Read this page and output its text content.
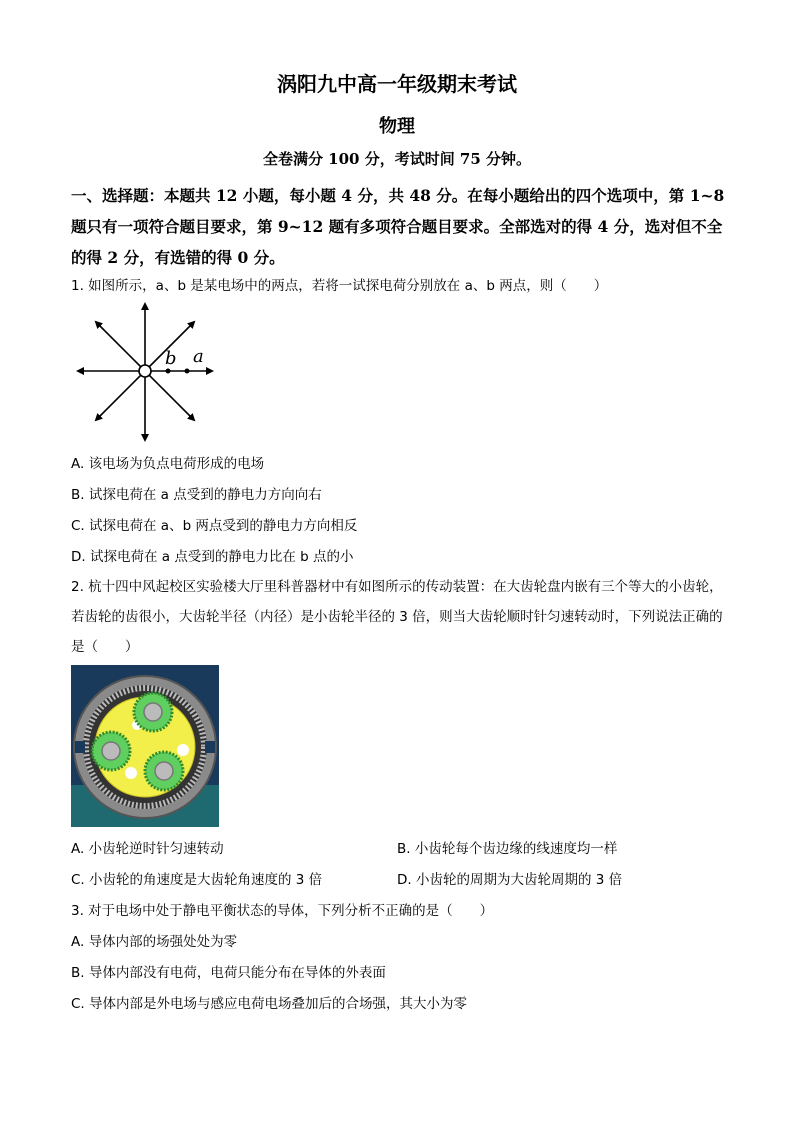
涡阳九中高一年级期末考试
物理
全卷满分 100 分，考试时间 75 分钟。
一、选择题：本题共 12 小题，每小题 4 分，共 48 分。在每小题给出的四个选项中，第 1~8 题只有一项符合题目要求，第 9~12 题有多项符合题目要求。全部选对的得 4 分，选对但不全的得 2 分，有选错的得 0 分。
1. 如图所示，a、b 是某电场中的两点，若将一试探电荷分别放在 a、b 两点，则（　　）
b a
A. 该电场为负点电荷形成的电场
B. 试探电荷在 a 点受到的静电力方向向右
C. 试探电荷在 a、b 两点受到的静电力方向相反
D. 试探电荷在 a 点受到的静电力比在 b 点的小
2. 杭十四中风起校区实验楼大厅里科普器材中有如图所示的传动装置：在大齿轮盘内嵌有三个等大的小齿轮，若齿轮的齿很小，大齿轮半径（内径）是小齿轮半径的 3 倍，则当大齿轮顺时针匀速转动时，下列说法正确的是（　　）
A. 小齿轮逆时针匀速转动	B. 小齿轮每个齿边缘的线速度均一样
C. 小齿轮的角速度是大齿轮角速度的 3 倍	D. 小齿轮的周期为大齿轮周期的 3 倍
3. 对于电场中处于静电平衡状态的导体，下列分析不正确的是（　　）
A. 导体内部的场强处处为零
B. 导体内部没有电荷，电荷只能分布在导体的外表面
C. 导体内部是外电场与感应电荷电场叠加后的合场强，其大小为零
